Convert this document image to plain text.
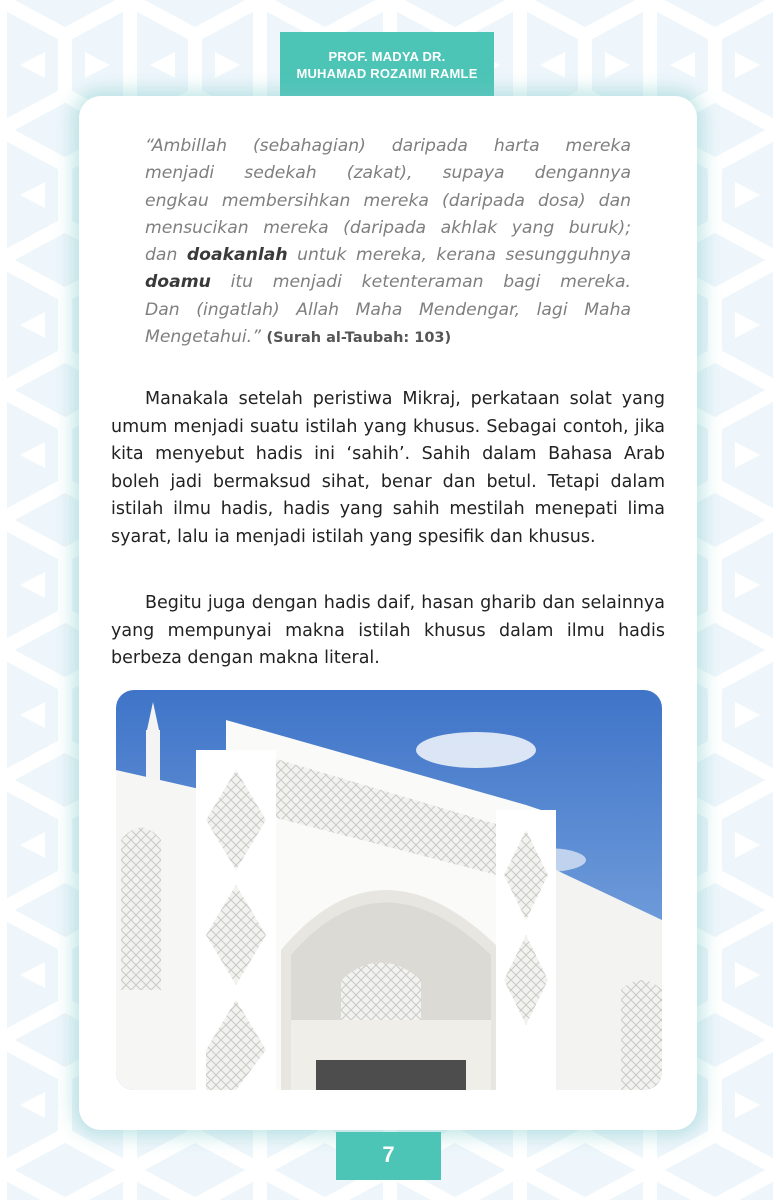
PROF. MADYA DR.
MUHAMAD ROZAIMI RAMLE
“Ambillah (sebahagian) daripada harta mereka
menjadi sedekah (zakat), supaya dengannya
engkau membersihkan mereka (daripada dosa) dan
mensucikan mereka (daripada akhlak yang buruk);
dan doakanlah untuk mereka, kerana sesungguhnya
doamu itu menjadi ketenteraman bagi mereka.
Dan (ingatlah) Allah Maha Mendengar, lagi Maha
Mengetahui.” (Surah al-Taubah: 103)

Manakala setelah peristiwa Mikraj, perkataan solat yang umum menjadi suatu istilah yang khusus. Sebagai contoh, jika kita menyebut hadis ini ‘sahih’. Sahih dalam Bahasa Arab boleh jadi bermaksud sihat, benar dan betul. Tetapi dalam istilah ilmu hadis, hadis yang sahih mestilah menepati lima syarat, lalu ia menjadi istilah yang spesifik dan khusus.

Begitu juga dengan hadis daif, hasan gharib dan selainnya yang mempunyai makna istilah khusus dalam ilmu hadis berbeza dengan makna literal.

7
